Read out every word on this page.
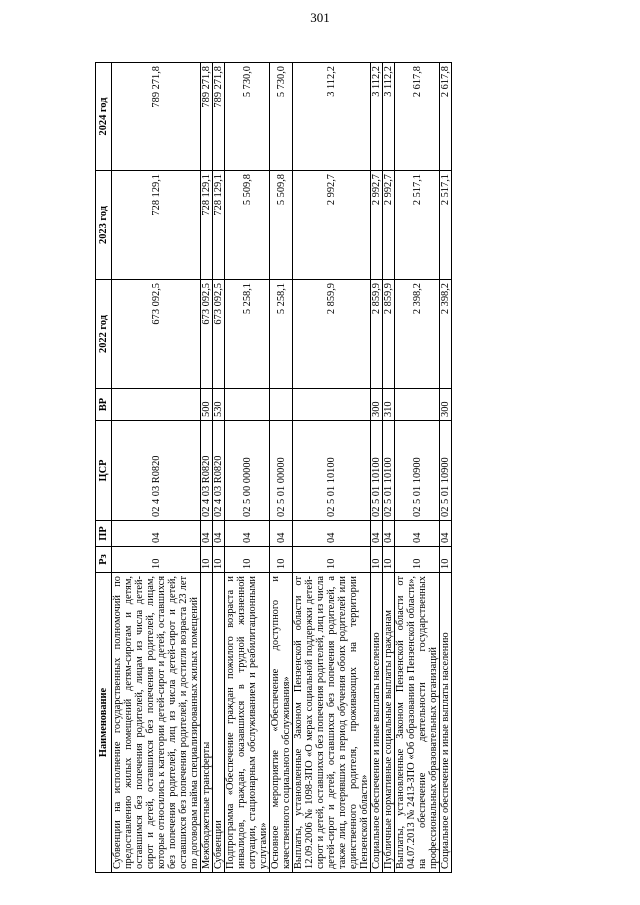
301
Наименование	Рз	ПР	ЦСР	ВР	2022 год	2023 год	2024 год
Субвенции на исполнение государственных полномочий по предоставлению жилых помещений детям-сиротам и детям, оставшимся без попечения родителей, лицам из числа детей-сирот и детей, оставшихся без попечения родителей, лицам, которые относились к категории детей-сирот и детей, оставшихся без попечения родителей, лиц из числа детей-сирот и детей, оставшихся без попечения родителей, и достигли возраста 23 лет по договорам найма специализированных жилых помещений	10	04	02 4 03 R0820		673 092,5	728 129,1	789 271,8
Межбюджетные трансферты	10	04	02 4 03 R0820	500	673 092,5	728 129,1	789 271,8
Субвенции	10	04	02 4 03 R0820	530	673 092,5	728 129,1	789 271,8
Подпрограмма «Обеспечение граждан пожилого возраста и инвалидов, граждан, оказавшихся в трудной жизненной ситуации, стационарным обслуживанием и реабилитационными услугами»	10	04	02 5 00 00000		5 258,1	5 509,8	5 730,0
Основное мероприятие «Обеспечение доступного и качественного социального обслуживания»	10	04	02 5 01 00000		5 258,1	5 509,8	5 730,0
Выплаты, установленные Законом Пензенской области от 12.09.2006 № 1098-ЗПО «О мерах социальной поддержки детей-сирот и детей, оставшихся без попечения родителей, лиц из числа детей-сирот и детей, оставшихся без попечения родителей, а также лиц, потерявших в период обучения обоих родителей или единственного родителя, проживающих на территории Пензенской области»	10	04	02 5 01 10100		2 859,9	2 992,7	3 112,2
Социальное обеспечение и иные выплаты населению	10	04	02 5 01 10100	300	2 859,9	2 992,7	3 112,2
Публичные нормативные социальные выплаты гражданам	10	04	02 5 01 10100	310	2 859,9	2 992,7	3 112,2
Выплаты, установленные Законом Пензенской области от 04.07.2013 № 2413-ЗПО «Об образовании в Пензенской области», на обеспечение деятельности государственных профессиональных образовательных организаций	10	04	02 5 01 10900		2 398,2	2 517,1	2 617,8
Социальное обеспечение и иные выплаты населению	10	04	02 5 01 10900	300	2 398,2	2 517,1	2 617,8
